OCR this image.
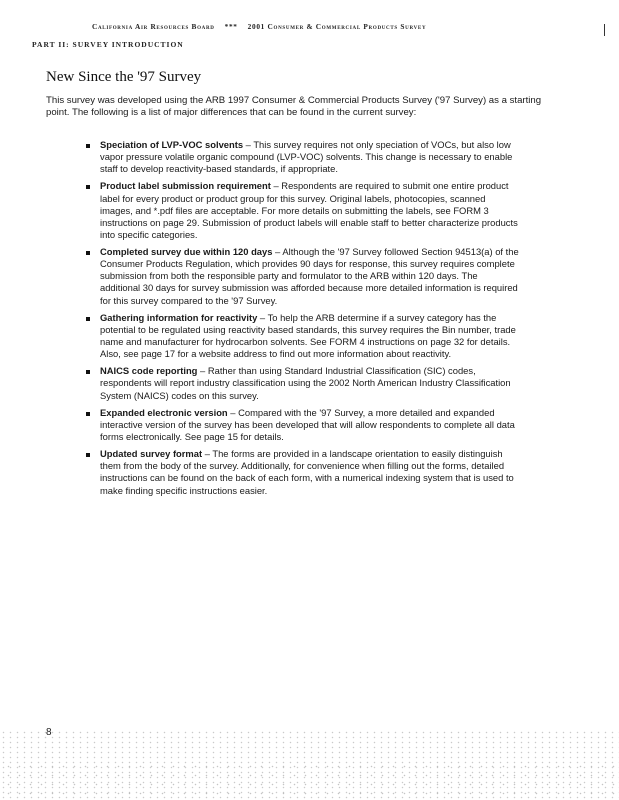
California Air Resources Board *** 2001 Consumer & Commercial Products Survey
PART II: SURVEY INTRODUCTION
New Since the '97 Survey

This survey was developed using the ARB 1997 Consumer & Commercial Products Survey ('97 Survey) as a starting point. The following is a list of major differences that can be found in the current survey:

Speciation of LVP-VOC solvents – This survey requires not only speciation of VOCs, but also low vapor pressure volatile organic compound (LVP-VOC) solvents. This change is necessary to enable staff to develop reactivity-based standards, if appropriate.
Product label submission requirement – Respondents are required to submit one entire product label for every product or product group for this survey. Original labels, photocopies, scanned images, and *.pdf files are acceptable. For more details on submitting the labels, see FORM 3 instructions on page 29. Submission of product labels will enable staff to better characterize products into specific categories.
Completed survey due within 120 days – Although the '97 Survey followed Section 94513(a) of the Consumer Products Regulation, which provides 90 days for response, this survey requires complete submission from both the responsible party and formulator to the ARB within 120 days. The additional 30 days for survey submission was afforded because more detailed information is required for this survey compared to the '97 Survey.
Gathering information for reactivity – To help the ARB determine if a survey category has the potential to be regulated using reactivity based standards, this survey requires the Bin number, trade name and manufacturer for hydrocarbon solvents. See FORM 4 instructions on page 32 for details. Also, see page 17 for a website address to find out more information about reactivity.
NAICS code reporting – Rather than using Standard Industrial Classification (SIC) codes, respondents will report industry classification using the 2002 North American Industry Classification System (NAICS) codes on this survey.
Expanded electronic version – Compared with the '97 Survey, a more detailed and expanded interactive version of the survey has been developed that will allow respondents to complete all data forms electronically. See page 15 for details.
Updated survey format – The forms are provided in a landscape orientation to easily distinguish them from the body of the survey. Additionally, for convenience when filling out the forms, detailed instructions can be found on the back of each form, with a numerical indexing system that is used to make finding specific instructions easier.
8
